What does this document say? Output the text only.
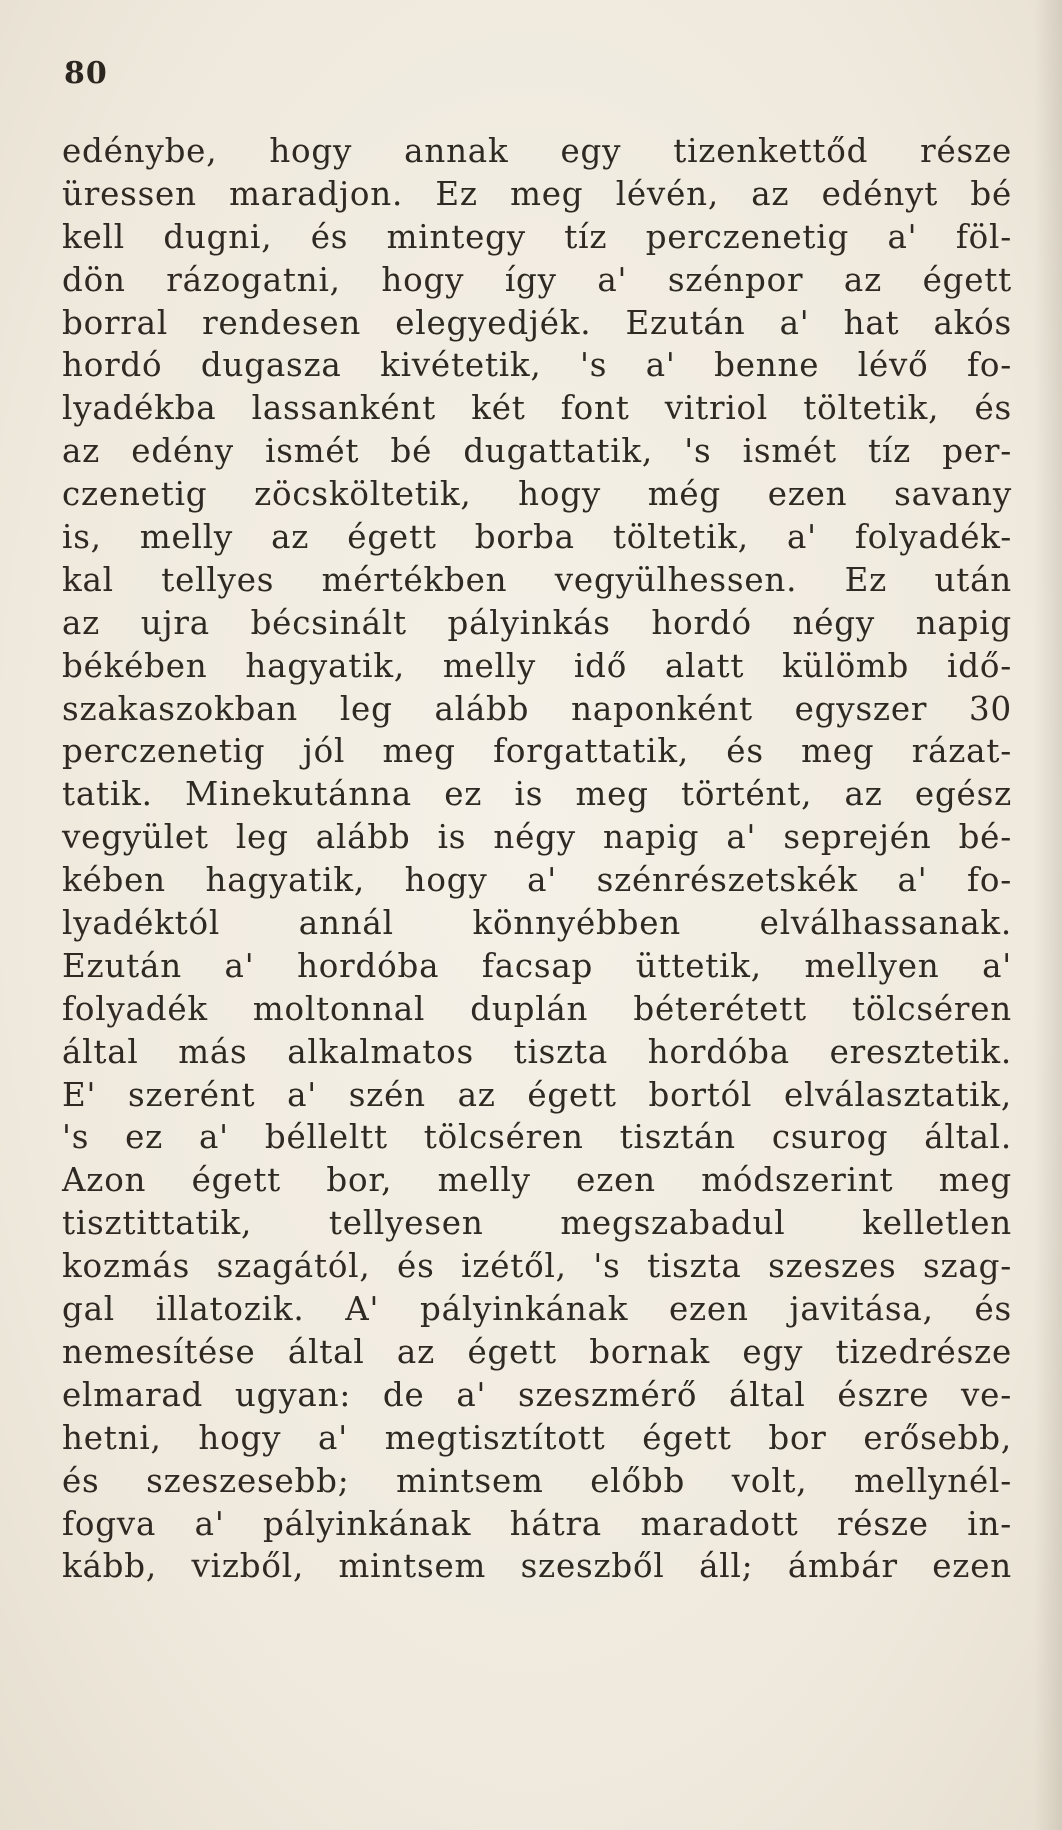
80
edénybe, hogy annak egy tizenkettőd része
üressen maradjon. Ez meg lévén, az edényt bé
kell dugni, és mintegy tíz perczenetig a' föl-
dön rázogatni, hogy így a' szénpor az égett
borral rendesen elegyedjék. Ezután a' hat akós
hordó dugasza kivétetik, 's a' benne lévő fo-
lyadékba lassanként két font vitriol töltetik, és
az edény ismét bé dugattatik, 's ismét tíz per-
czenetig zöcsköltetik, hogy még ezen savany
is, melly az égett borba töltetik, a' folyadék-
kal tellyes mértékben vegyülhessen. Ez után
az ujra bécsinált pályinkás hordó négy napig
békében hagyatik, melly idő alatt külömb idő-
szakaszokban leg alább naponként egyszer 30
perczenetig jól meg forgattatik, és meg rázat-
tatik. Minekutánna ez is meg történt, az egész
vegyület leg alább is négy napig a' seprején bé-
kében hagyatik, hogy a' szénrészetskék a' fo-
lyadéktól annál könnyébben elválhassanak.
Ezután a' hordóba facsap üttetik, mellyen a'
folyadék moltonnal duplán béterétett tölcséren
által más alkalmatos tiszta hordóba eresztetik.
E' szerént a' szén az égett bortól elválasztatik,
's ez a' bélleltt tölcséren tisztán csurog által.
Azon égett bor, melly ezen módszerint meg
tisztittatik, tellyesen megszabadul kelletlen
kozmás szagától, és izétől, 's tiszta szeszes szag-
gal illatozik. A' pályinkának ezen javitása, és
nemesítése által az égett bornak egy tizedrésze
elmarad ugyan: de a' szeszmérő által észre ve-
hetni, hogy a' megtisztított égett bor erősebb,
és szeszesebb; mintsem előbb volt, mellynél-
fogva a' pályinkának hátra maradott része in-
kább, vizből, mintsem szeszből áll; ámbár ezen
